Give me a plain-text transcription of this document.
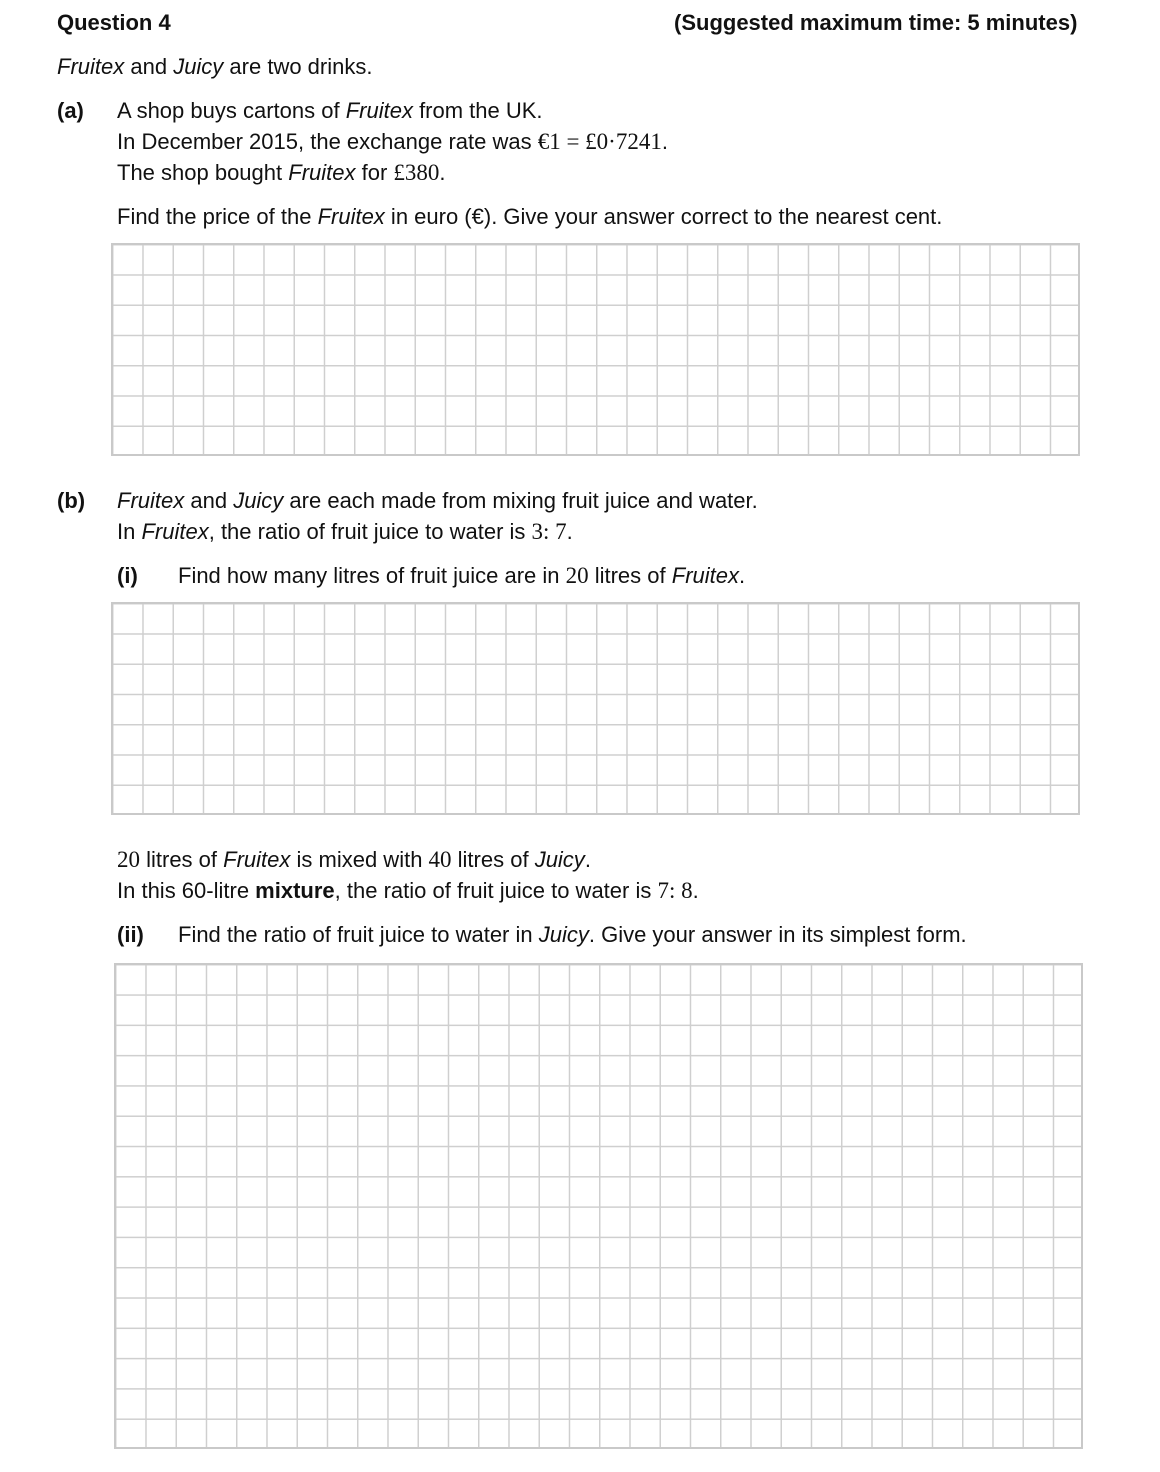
Question 4	(Suggested maximum time: 5 minutes)
Fruitex and Juicy are two drinks.
(a) A shop buys cartons of Fruitex from the UK.
In December 2015, the exchange rate was €1 = £0·7241.
The shop bought Fruitex for £380.
Find the price of the Fruitex in euro (€). Give your answer correct to the nearest cent.
(b) Fruitex and Juicy are each made from mixing fruit juice and water.
In Fruitex, the ratio of fruit juice to water is 3: 7.
(i) Find how many litres of fruit juice are in 20 litres of Fruitex.
20 litres of Fruitex is mixed with 40 litres of Juicy.
In this 60-litre mixture, the ratio of fruit juice to water is 7: 8.
(ii) Find the ratio of fruit juice to water in Juicy. Give your answer in its simplest form.
